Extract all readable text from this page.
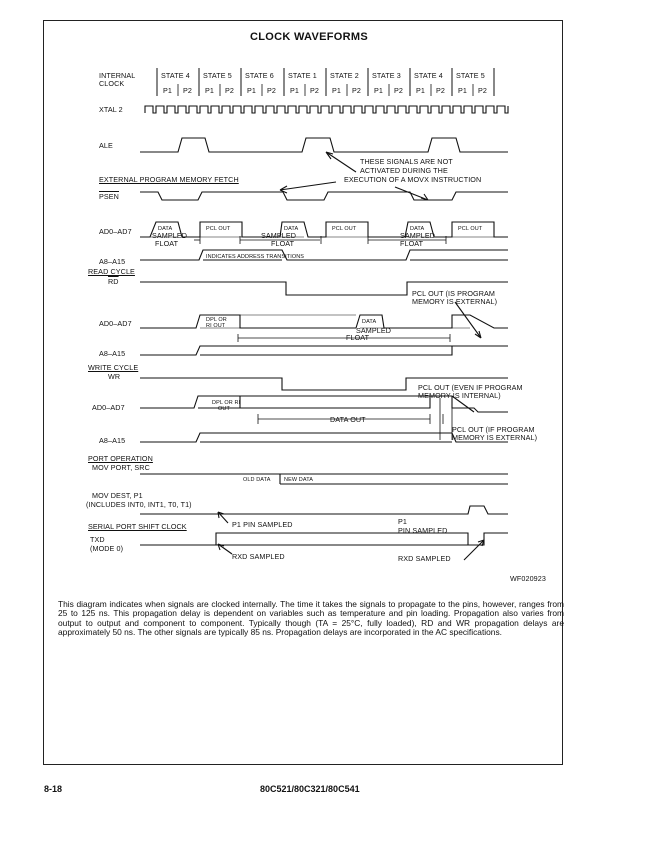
CLOCK WAVEFORMS
INTERNAL
CLOCK
STATE 4 STATE 5 STATE 6 STATE 1 STATE 2 STATE 3 STATE 4 STATE 5
P1 P2 P1 P2 P1 P2 P1 P2 P1 P2 P1 P2 P1 P2 P1 P2
XTAL 2
ALE
THESE SIGNALS ARE NOT
ACTIVATED DURING THE
EXECUTION OF A MOVX INSTRUCTION
EXTERNAL PROGRAM MEMORY FETCH
PSEN
AD0–AD7	DATA	PCL OUT	DATA	PCL OUT	DATA	PCL OUT
SAMPLED
FLOAT
SAMPLED
FLOAT
SAMPLED
FLOAT
A8–A15	INDICATES ADDRESS TRANSITIONS
READ CYCLE
$\overline{RD}$
PCL OUT (IS PROGRAM
MEMORY IS EXTERNAL)
AD0–AD7	DPL OR
RI OUT
DATA
SAMPLED
FLOAT
A8–A15
WRITE CYCLE
$\overline{WR}$
PCL OUT (EVEN IF PROGRAM
MEMORY IS INTERNAL)
AD0–AD7	DPL OR RI
OUT
DATA OUT
PCL OUT (IF PROGRAM
MEMORY IS EXTERNAL)
A8–A15
PORT OPERATION
MOV PORT, SRC
OLD DATA NEW DATA
MOV DEST, P1
(INCLUDES INT0, INT1, T0, T1)
P1 PIN SAMPLED	P1
PIN SAMPLED
SERIAL PORT SHIFT CLOCK
TXD
(MODE 0)
RXD SAMPLED	RXD SAMPLED
WF020923
This diagram indicates when signals are clocked internally. The time it takes the signals to propagate to the pins, however, ranges from 25 to 125 ns. This propagation delay is dependent on variables such as temperature and pin loading. Propagation also varies from output to output and component to component. Typically though (TA = 25°C, fully loaded), RD and WR propagation delays are approximately 50 ns. The other signals are typically 85 ns. Propagation delays are incorporated in the AC specifications.
8-18	80C521/80C321/80C541
